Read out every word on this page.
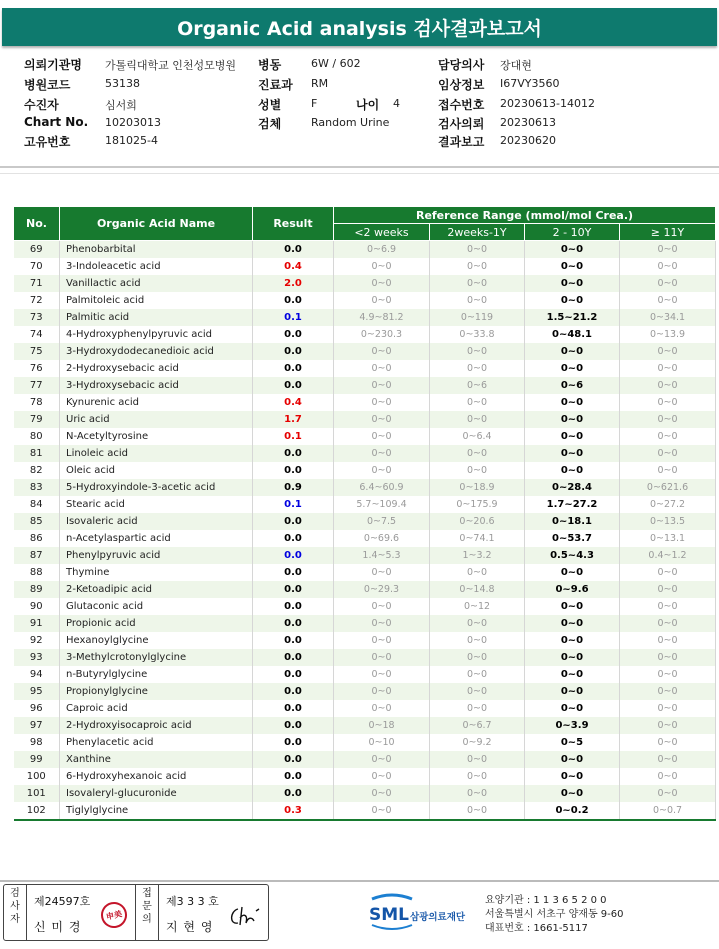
Organic Acid analysis 검사결과보고서
의뢰기관명 가톨릭대학교 인천성모병원
병원코드	53138
수진자	심서희
Chart No. 10203013
고유번호	181025-4
병동	6W / 602
진료과 RM
성별	F	나이 4
검체	Random Urine
담당의사 장대현
임상정보 I67VY3560
접수번호 20230613-14012
검사의뢰 20230613
결과보고 20230620
No.	Organic Acid Name	Result	Reference Range (mmol/mol Crea.)			
			<2 weeks	2weeks-1Y	2 - 10Y	≥ 11Y
69	Phenobarbital	0.0	0~6.9	0~0	0~0	0~0
70	3-Indoleacetic acid	0.4	0~0	0~0	0~0	0~0
71	Vanillactic acid	2.0	0~0	0~0	0~0	0~0
72	Palmitoleic acid	0.0	0~0	0~0	0~0	0~0
73	Palmitic acid	0.1	4.9~81.2	0~119	1.5~21.2	0~34.1
74	4-Hydroxyphenylpyruvic acid	0.0	0~230.3	0~33.8	0~48.1	0~13.9
75	3-Hydroxydodecanedioic acid	0.0	0~0	0~0	0~0	0~0
76	2-Hydroxysebacic acid	0.0	0~0	0~0	0~0	0~0
77	3-Hydroxysebacic acid	0.0	0~0	0~6	0~6	0~0
78	Kynurenic acid	0.4	0~0	0~0	0~0	0~0
79	Uric acid	1.7	0~0	0~0	0~0	0~0
80	N-Acetyltyrosine	0.1	0~0	0~6.4	0~0	0~0
81	Linoleic acid	0.0	0~0	0~0	0~0	0~0
82	Oleic acid	0.0	0~0	0~0	0~0	0~0
83	5-Hydroxyindole-3-acetic acid	0.9	6.4~60.9	0~18.9	0~28.4	0~621.6
84	Stearic acid	0.1	5.7~109.4	0~175.9	1.7~27.2	0~27.2
85	Isovaleric acid	0.0	0~7.5	0~20.6	0~18.1	0~13.5
86	n-Acetylaspartic acid	0.0	0~69.6	0~74.1	0~53.7	0~13.1
87	Phenylpyruvic acid	0.0	1.4~5.3	1~3.2	0.5~4.3	0.4~1.2
88	Thymine	0.0	0~0	0~0	0~0	0~0
89	2-Ketoadipic acid	0.0	0~29.3	0~14.8	0~9.6	0~0
90	Glutaconic acid	0.0	0~0	0~12	0~0	0~0
91	Propionic acid	0.0	0~0	0~0	0~0	0~0
92	Hexanoylglycine	0.0	0~0	0~0	0~0	0~0
93	3-Methylcrotonylglycine	0.0	0~0	0~0	0~0	0~0
94	n-Butyrylglycine	0.0	0~0	0~0	0~0	0~0
95	Propionylglycine	0.0	0~0	0~0	0~0	0~0
96	Caproic acid	0.0	0~0	0~0	0~0	0~0
97	2-Hydroxyisocaproic acid	0.0	0~18	0~6.7	0~3.9	0~0
98	Phenylacetic acid	0.0	0~10	0~9.2	0~5	0~0
99	Xanthine	0.0	0~0	0~0	0~0	0~0
100	6-Hydroxyhexanoic acid	0.0	0~0	0~0	0~0	0~0
101	Isovaleryl-glucuronide	0.0	0~0	0~0	0~0	0~0
102	Tiglylglycine	0.3	0~0	0~0	0~0.2	0~0.7
검사자
제24597호
신 미 경
申美
접문의
제3 3 3 호
지 현 영
SML 삼광의료재단
요양기관 : 1 1 3 6 5 2 0 0
서울특별시 서초구 양재동 9-60
대표번호 : 1661-5117
